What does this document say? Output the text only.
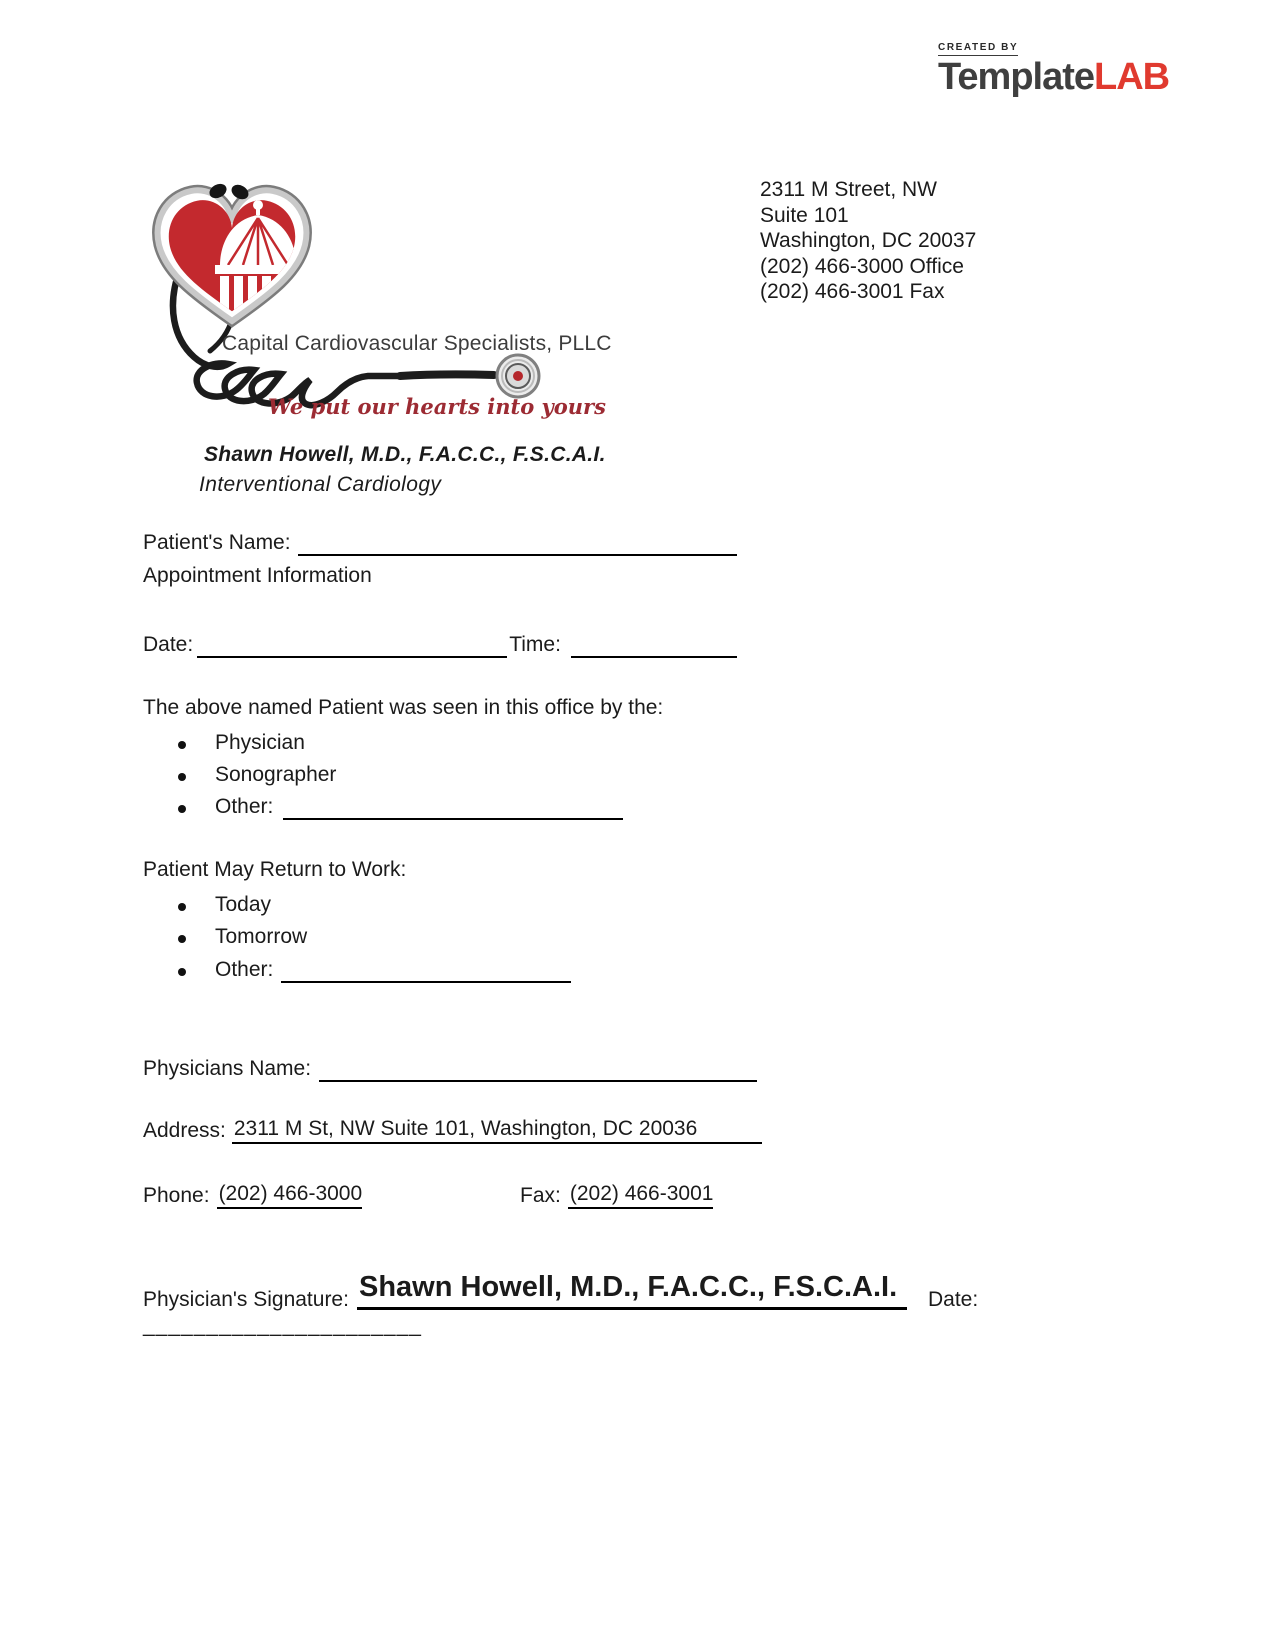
CREATED BY
TemplateLAB
2311 M Street, NW
Suite 101
Washington, DC 20037
(202) 466-3000 Office
(202) 466-3001 Fax
Capital Cardiovascular Specialists, PLLC
We put our hearts into yours
Shawn Howell, M.D., F.A.C.C., F.S.C.A.I.
Interventional Cardiology
Patient's Name:
Appointment Information
Date:	Time:
The above named Patient was seen in this office by the:
Physician
Sonographer
Other:
Patient May Return to Work:
Today
Tomorrow
Other:
Physicians Name:
Address: 2311 M St, NW Suite 101, Washington, DC 20036
Phone: (202) 466-3000	Fax: (202) 466-3001
Physician's Signature: Shawn Howell, M.D., F.A.C.C., F.S.C.A.I.	Date:
______________________
